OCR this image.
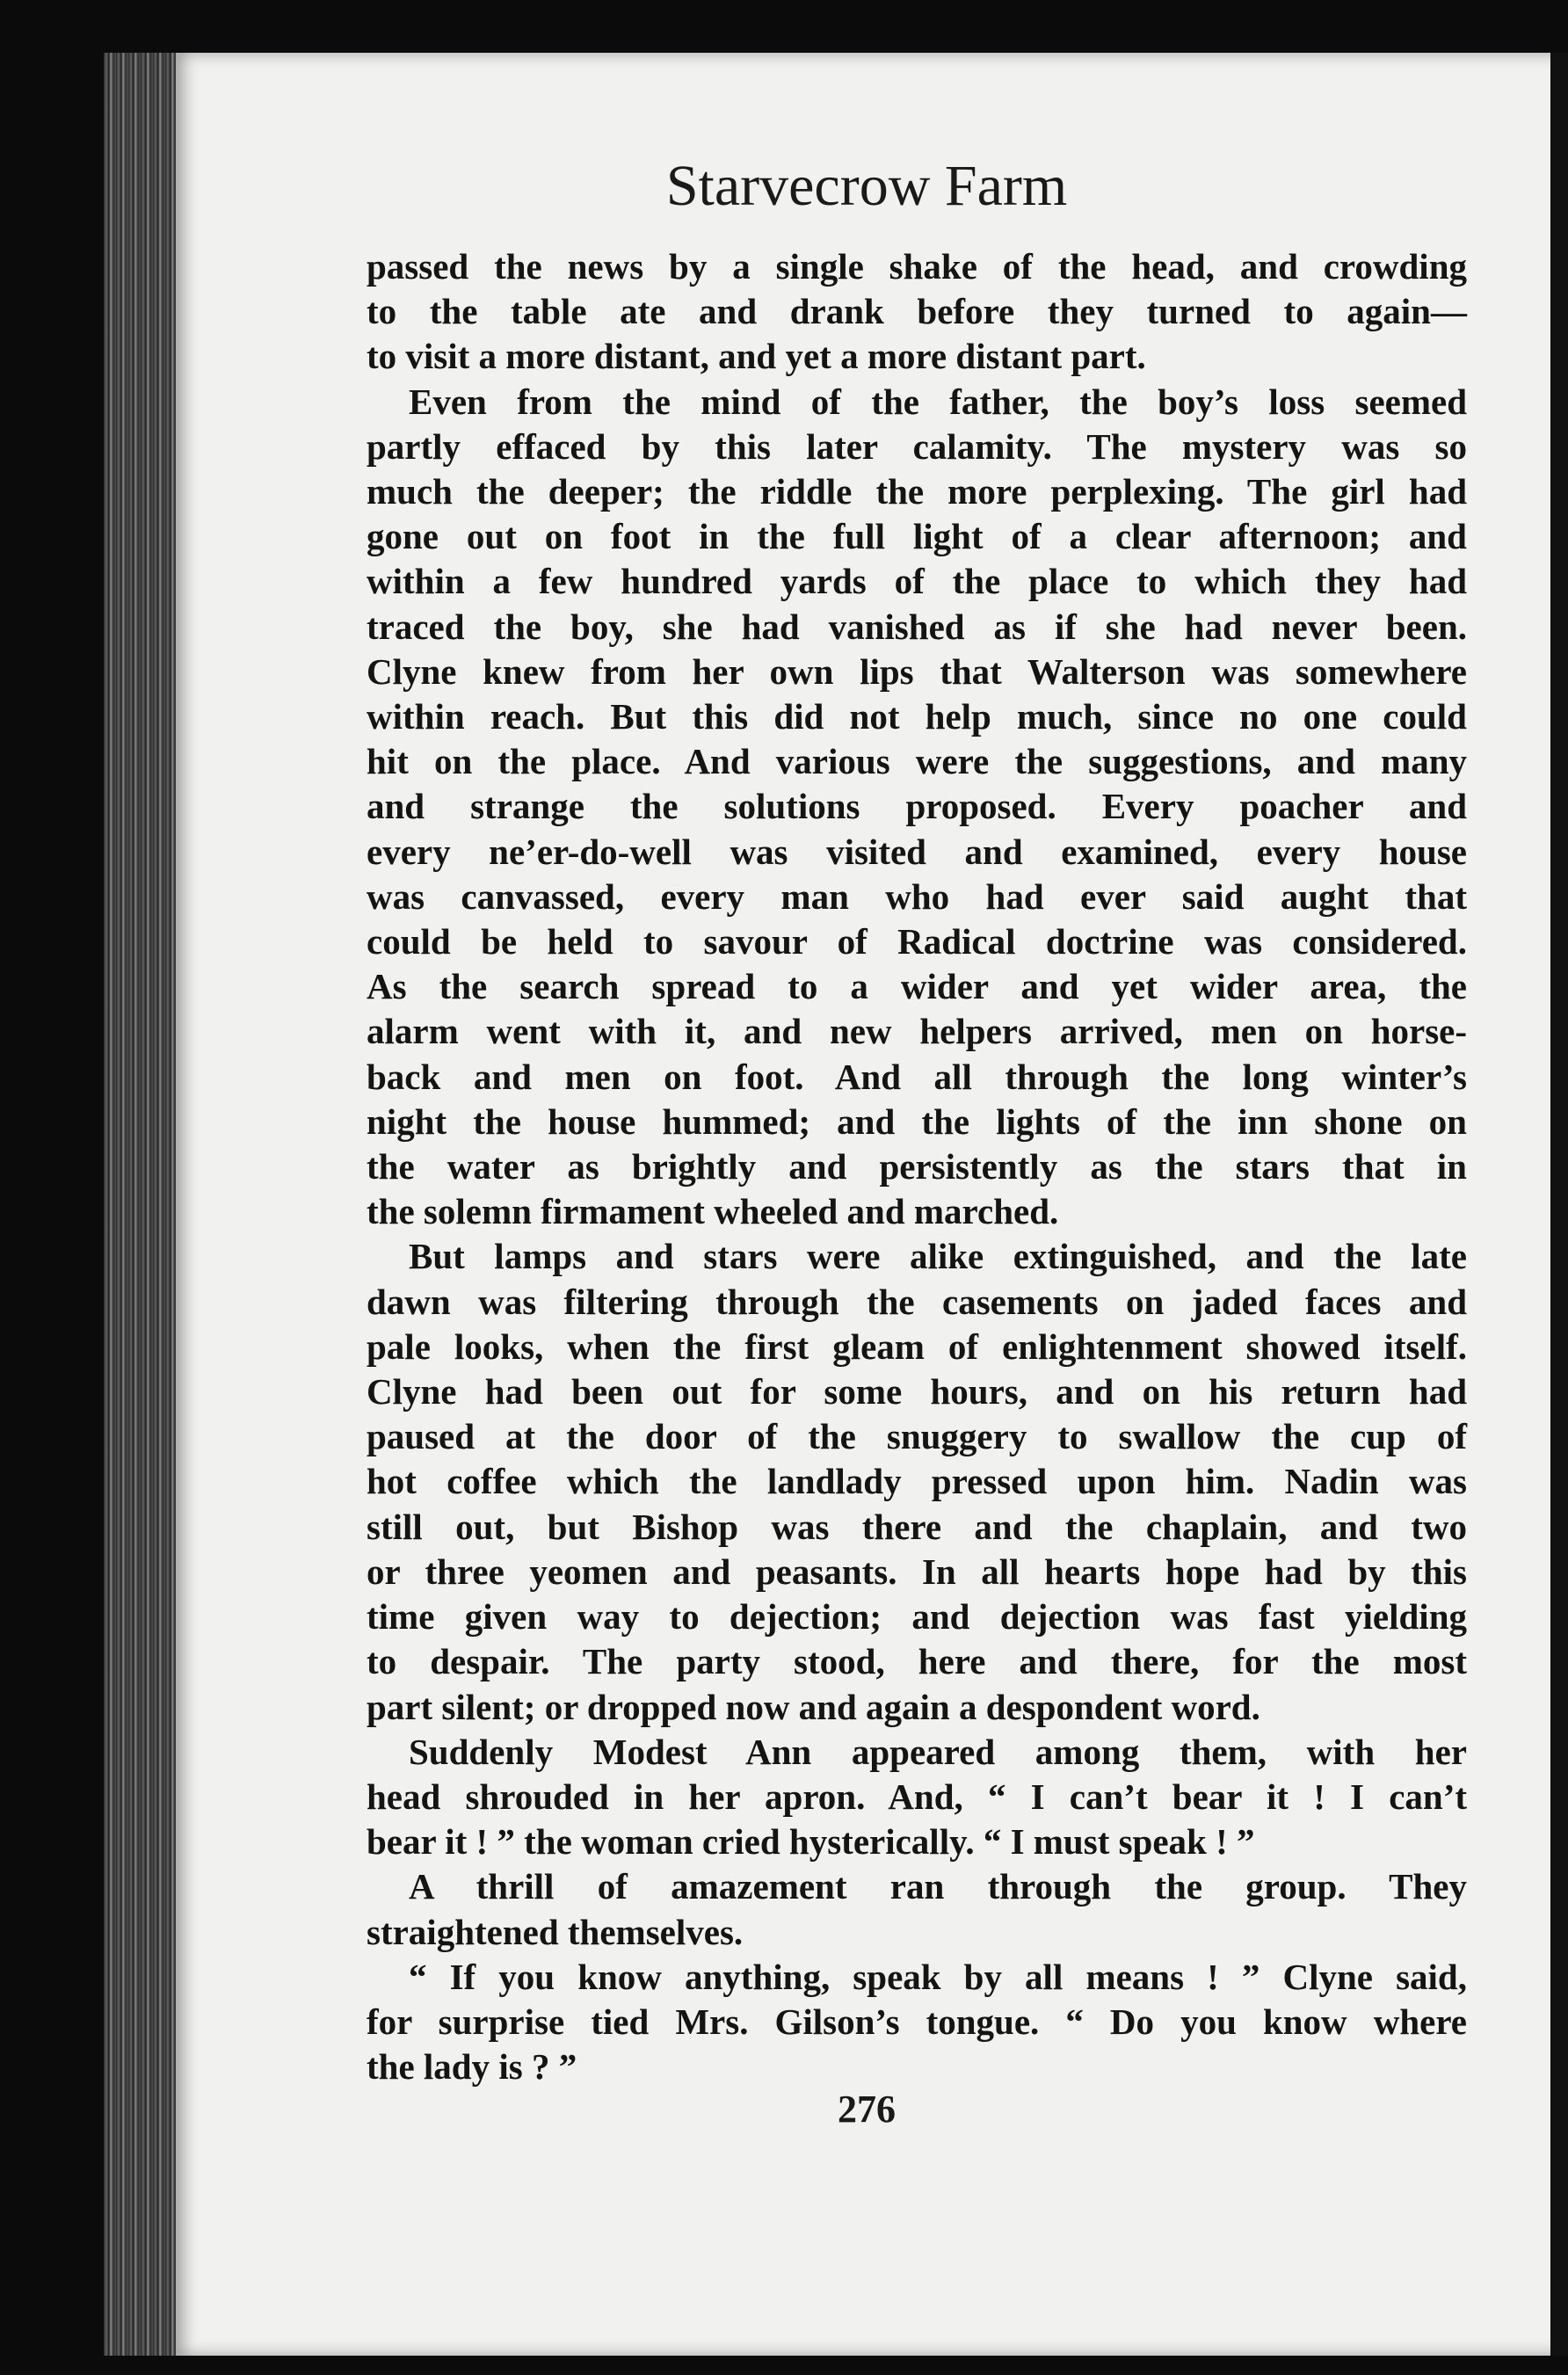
Starvecrow Farm

passed the news by a single shake of the head, and crowding
to the table ate and drank before they turned to again—
to visit a more distant, and yet a more distant part.

Even from the mind of the father, the boy’s loss seemed
partly effaced by this later calamity. The mystery was so
much the deeper; the riddle the more perplexing. The girl had
gone out on foot in the full light of a clear afternoon; and
within a few hundred yards of the place to which they had
traced the boy, she had vanished as if she had never been.
Clyne knew from her own lips that Walterson was somewhere
within reach. But this did not help much, since no one could
hit on the place. And various were the suggestions, and many
and strange the solutions proposed. Every poacher and
every ne’er-do-well was visited and examined, every house
was canvassed, every man who had ever said aught that
could be held to savour of Radical doctrine was considered.
As the search spread to a wider and yet wider area, the
alarm went with it, and new helpers arrived, men on horse-
back and men on foot. And all through the long winter’s
night the house hummed; and the lights of the inn shone on
the water as brightly and persistently as the stars that in
the solemn firmament wheeled and marched.

But lamps and stars were alike extinguished, and the late
dawn was filtering through the casements on jaded faces and
pale looks, when the first gleam of enlightenment showed itself.
Clyne had been out for some hours, and on his return had
paused at the door of the snuggery to swallow the cup of
hot coffee which the landlady pressed upon him. Nadin was
still out, but Bishop was there and the chaplain, and two
or three yeomen and peasants. In all hearts hope had by this
time given way to dejection; and dejection was fast yielding
to despair. The party stood, here and there, for the most
part silent; or dropped now and again a despondent word.

Suddenly Modest Ann appeared among them, with her
head shrouded in her apron. And, “ I can’t bear it ! I can’t
bear it ! ” the woman cried hysterically. “ I must speak ! ”

A thrill of amazement ran through the group. They
straightened themselves.

“ If you know anything, speak by all means ! ” Clyne said,
for surprise tied Mrs. Gilson’s tongue. “ Do you know where
the lady is ? ”

276
